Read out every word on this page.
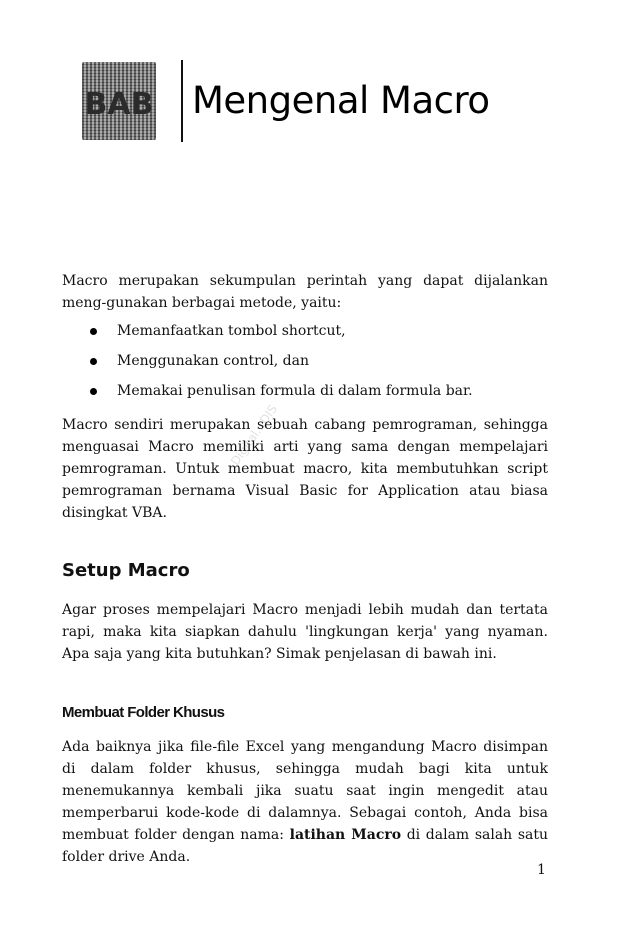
BAB Mengenal Macro

Macro merupakan sekumpulan perintah yang dapat dijalankan meng-gunakan berbagai metode, yaitu:

Memanfaatkan tombol shortcut,
Menggunakan control, dan
Memakai penulisan formula di dalam formula bar.

Macro sendiri merupakan sebuah cabang pemrograman, sehingga menguasai Macro memiliki arti yang sama dengan mempelajari pemrograman. Untuk membuat macro, kita membutuhkan script pemrograman bernama Visual Basic for Application atau biasa disingkat VBA.

Digital...DIS
Setup Macro

Agar proses mempelajari Macro menjadi lebih mudah dan tertata rapi, maka kita siapkan dahulu 'lingkungan kerja' yang nyaman. Apa saja yang kita butuhkan? Simak penjelasan di bawah ini.

Membuat Folder Khusus

Ada baiknya jika file-file Excel yang mengandung Macro disimpan di dalam folder khusus, sehingga mudah bagi kita untuk menemukannya kembali jika suatu saat ingin mengedit atau memperbarui kode-kode di dalamnya. Sebagai contoh, Anda bisa membuat folder dengan nama: latihan Macro di dalam salah satu folder drive Anda.

1
